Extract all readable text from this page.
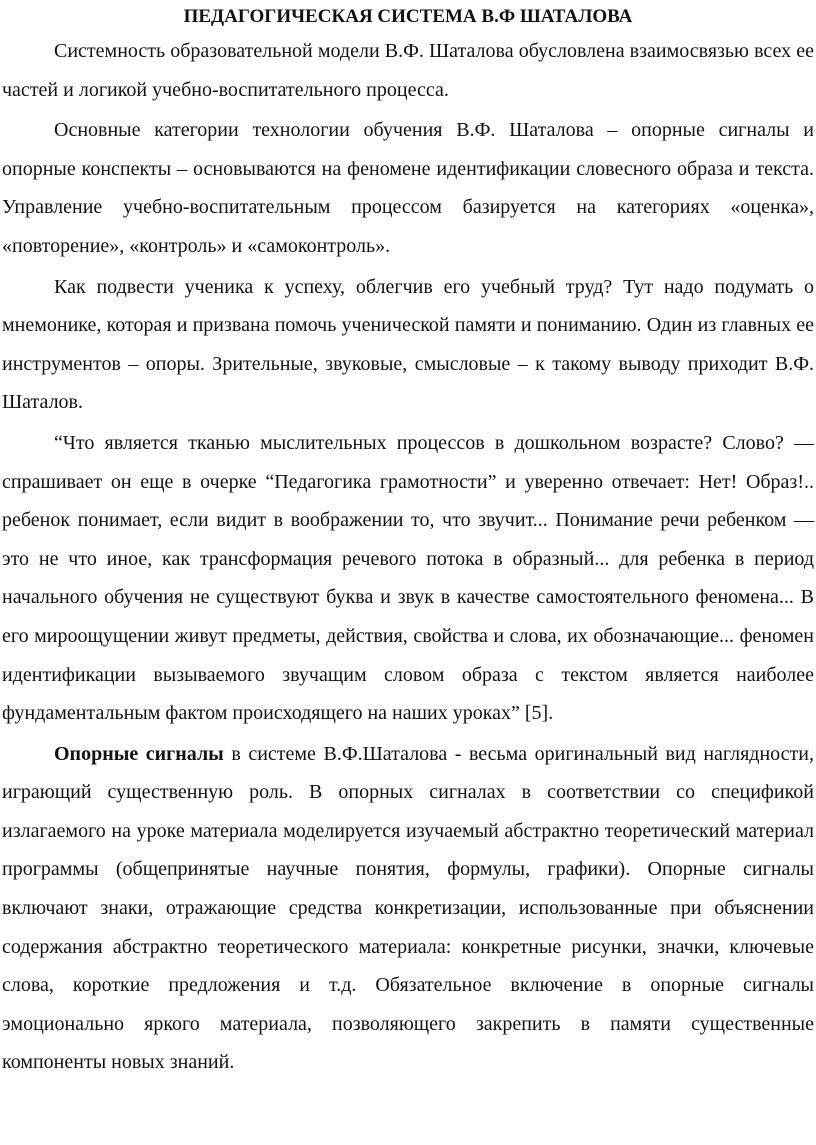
ПЕДАГОГИЧЕСКАЯ СИСТЕМА В.Ф ШАТАЛОВА

Системность образовательной модели В.Ф. Шаталова обусловлена взаимосвязью всех ее частей и логикой учебно-воспитательного процесса.

Основные категории технологии обучения В.Ф. Шаталова – опорные сигналы и опорные конспекты – основываются на феномене идентификации словесного образа и текста. Управление учебно-воспитательным процессом базируется на категориях «оценка», «повторение», «контроль» и «самоконтроль».

Как подвести ученика к успеху, облегчив его учебный труд? Тут надо подумать о мнемонике, которая и призвана помочь ученической памяти и пониманию. Один из главных ее инструментов – опоры. Зрительные, звуковые, смысловые – к такому выводу приходит В.Ф. Шаталов.

“Что является тканью мыслительных процессов в дошкольном возрасте? Слово? — спрашивает он еще в очерке “Педагогика грамотности” и уверенно отвечает: Нет! Образ!.. ребенок понимает, если видит в воображении то, что звучит... Понимание речи ребенком — это не что иное, как трансформация речевого потока в образный... для ребенка в период начального обучения не существуют буква и звук в качестве самостоятельного феномена... В его мироощущении живут предметы, действия, свойства и слова, их обозначающие... феномен идентификации вызываемого звучащим словом образа с текстом является наиболее фундаментальным фактом происходящего на наших уроках” [5].

Опорные сигналы в системе В.Ф.Шаталова - весьма оригинальный вид наглядности, играющий существенную роль. В опорных сигналах в соответствии со спецификой излагаемого на уроке материала моделируется изучаемый абстрактно теоретический материал программы (общепринятые научные понятия, формулы, графики). Опорные сигналы включают знаки, отражающие средства конкретизации, использованные при объяснении содержания абстрактно теоретического материала: конкретные рисунки, значки, ключевые слова, короткие предложения и т.д. Обязательное включение в опорные сигналы эмоционально яркого материала, позволяющего закрепить в памяти существенные компоненты новых знаний.
